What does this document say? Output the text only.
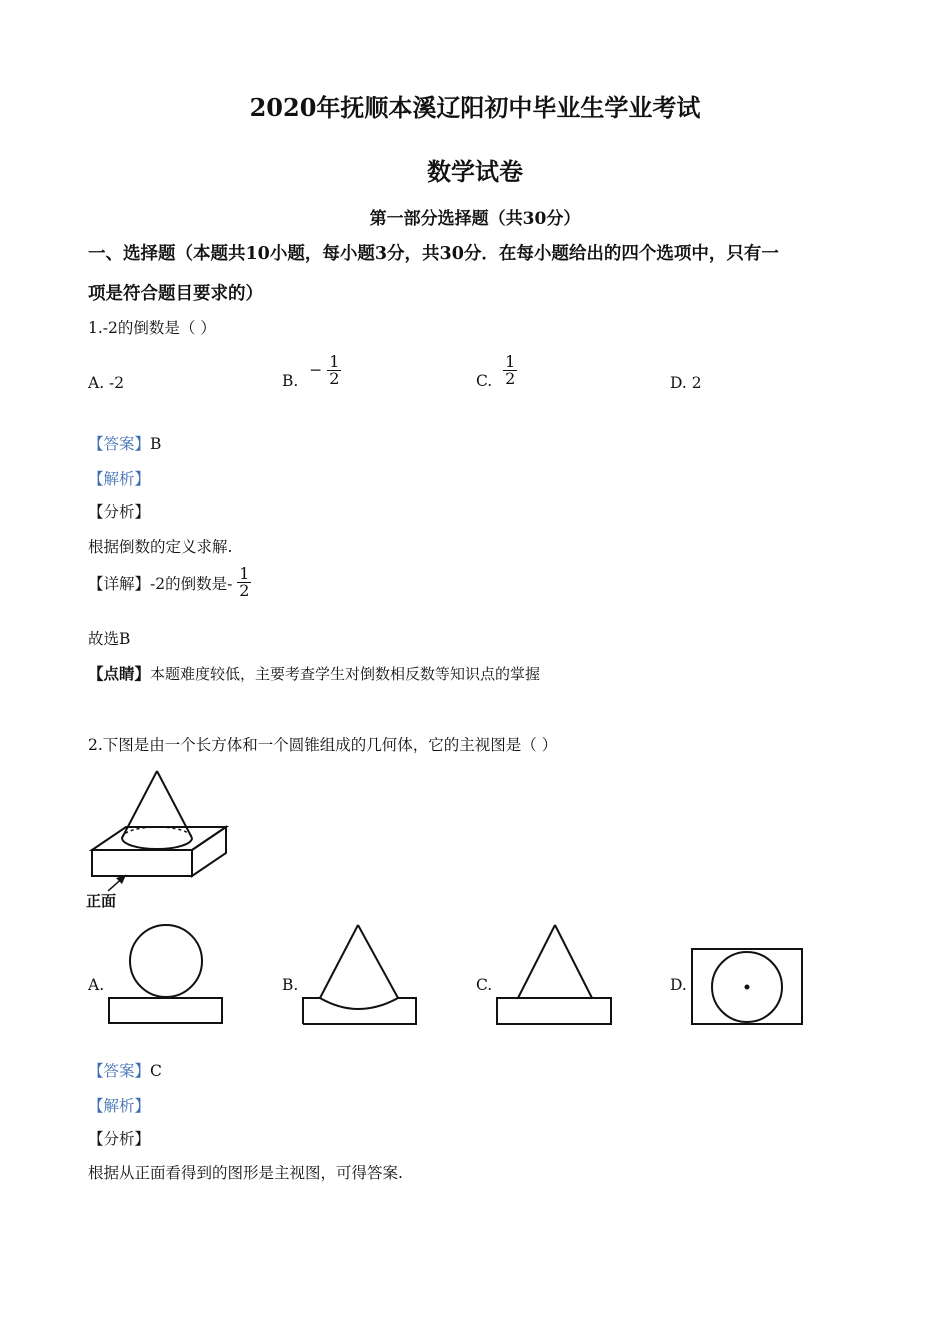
2020年抚顺本溪辽阳初中毕业生学业考试
数学试卷
第一部分选择题（共30分）
一、选择题（本题共10小题，每小题3分，共30分．在每小题给出的四个选项中，只有一
项是符合题目要求的）
1.-2的倒数是（ ）
A. -2	B. − $\frac{1}{2}$	C. $\frac{1}{2}$	D. 2
【答案】B
【解析】
【分析】
根据倒数的定义求解.
【详解】-2的倒数是- $\frac{1}{2}$
故选B
【点睛】本题难度较低，主要考查学生对倒数相反数等知识点的掌握
2.下图是由一个长方体和一个圆锥组成的几何体，它的主视图是（ ）
正面
A.	B.	C.	D.
【答案】C
【解析】
【分析】
根据从正面看得到的图形是主视图，可得答案.
